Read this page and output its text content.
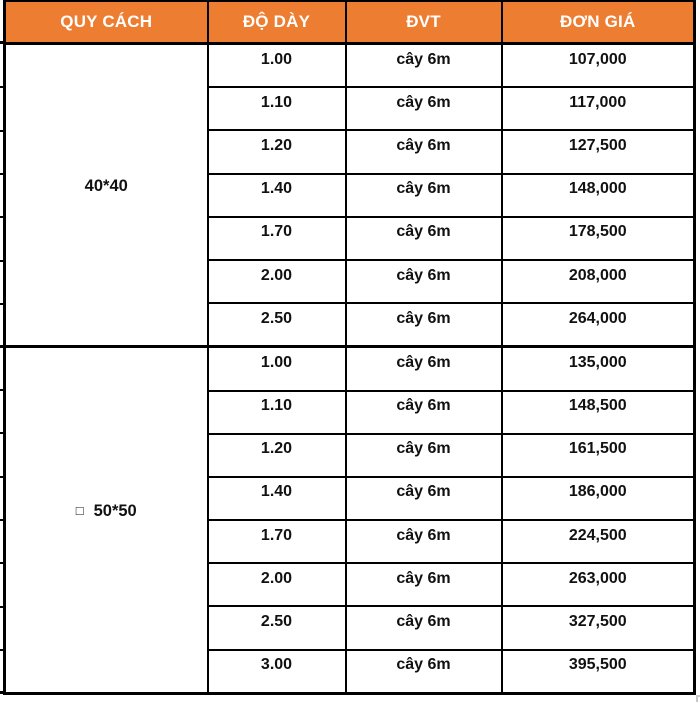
QUY CÁCH	ĐỘ DÀY	ĐVT	ĐƠN GIÁ
40*40	1.00	cây 6m	107,000
	1.10	cây 6m	117,000
	1.20	cây 6m	127,500
	1.40	cây 6m	148,000
	1.70	cây 6m	178,500
	2.00	cây 6m	208,000
	2.50	cây 6m	264,000
□ 50*50	1.00	cây 6m	135,000
	1.10	cây 6m	148,500
	1.20	cây 6m	161,500
	1.40	cây 6m	186,000
	1.70	cây 6m	224,500
	2.00	cây 6m	263,000
	2.50	cây 6m	327,500
	3.00	cây 6m	395,500
